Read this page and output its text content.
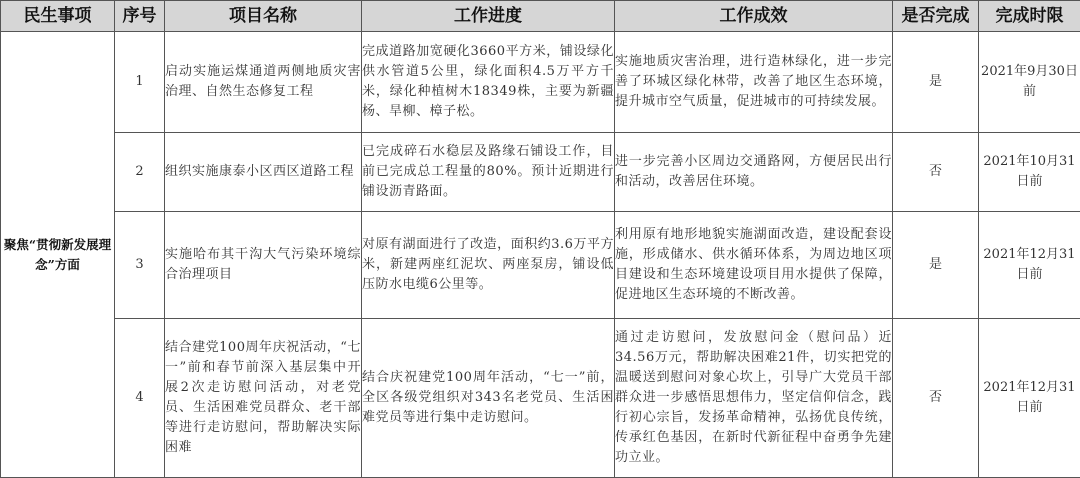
民生事项	序号	项目名称	工作进度	工作成效	是否完成	完成时限
聚焦“贯彻新发展理念”方面	1	启动实施运煤通道两侧地质灾害治理、自然生态修复工程	完成道路加宽硬化3660平方米，铺设绿化供水管道5公里，绿化面积4.5万平方千米，绿化种植树木18349株，主要为新疆杨、旱柳、樟子松。	实施地质灾害治理，进行造林绿化，进一步完善了环城区绿化林带，改善了地区生态环境，提升城市空气质量，促进城市的可持续发展。	是	2021年9月30日前
	2	组织实施康泰小区西区道路工程	已完成碎石水稳层及路缘石铺设工作，目前已完成总工程量的80%。预计近期进行铺设沥青路面。	进一步完善小区周边交通路网，方便居民出行和活动，改善居住环境。	否	2021年10月31日前
	3	实施哈布其干沟大气污染环境综合治理项目	对原有湖面进行了改造，面积约3.6万平方米，新建两座红泥坎、两座泵房，铺设低压防水电缆6公里等。	利用原有地形地貌实施湖面改造，建设配套设施，形成储水、供水循环体系，为周边地区项目建设和生态环境建设项目用水提供了保障，促进地区生态环境的不断改善。	是	2021年12月31日前
	4	结合建党100周年庆祝活动，“七一”前和春节前深入基层集中开展2次走访慰问活动，对老党员、生活困难党员群众、老干部等进行走访慰问，帮助解决实际困难	结合庆祝建党100周年活动，“七一”前，全区各级党组织对343名老党员、生活困难党员等进行集中走访慰问。	通过走访慰问，发放慰问金（慰问品）近34.56万元，帮助解决困难21件，切实把党的温暖送到慰问对象心坎上，引导广大党员干部群众进一步感悟思想伟力，坚定信仰信念，践行初心宗旨，发扬革命精神，弘扬优良传统，传承红色基因，在新时代新征程中奋勇争先建功立业。	否	2021年12月31日前
